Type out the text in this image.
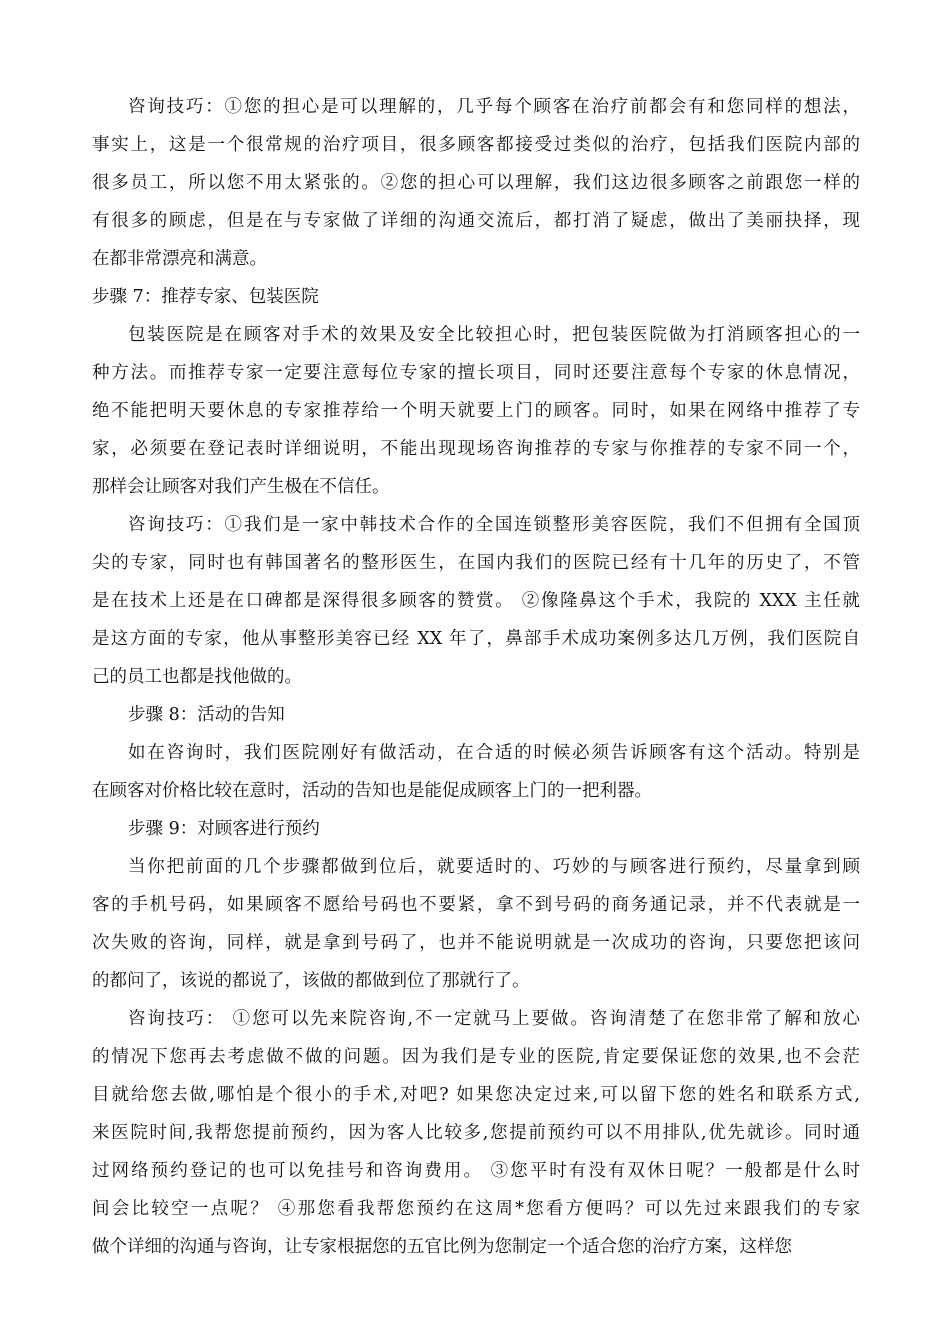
咨询技巧：①您的担心是可以理解的，几乎每个顾客在治疗前都会有和您同样的想法，
事实上，这是一个很常规的治疗项目，很多顾客都接受过类似的治疗，包括我们医院内部的
很多员工，所以您不用太紧张的。②您的担心可以理解，我们这边很多顾客之前跟您一样的
有很多的顾虑，但是在与专家做了详细的沟通交流后，都打消了疑虑，做出了美丽抉择，现
在都非常漂亮和满意。
步骤 7：推荐专家、包装医院
包装医院是在顾客对手术的效果及安全比较担心时，把包装医院做为打消顾客担心的一
种方法。而推荐专家一定要注意每位专家的擅长项目，同时还要注意每个专家的休息情况，
绝不能把明天要休息的专家推荐给一个明天就要上门的顾客。同时，如果在网络中推荐了专
家，必须要在登记表时详细说明，不能出现现场咨询推荐的专家与你推荐的专家不同一个，
那样会让顾客对我们产生极在不信任。
咨询技巧：①我们是一家中韩技术合作的全国连锁整形美容医院，我们不但拥有全国顶
尖的专家，同时也有韩国著名的整形医生，在国内我们的医院已经有十几年的历史了，不管
是在技术上还是在口碑都是深得很多顾客的赞赏。 ②像隆鼻这个手术，我院的 XXX 主任就
是这方面的专家，他从事整形美容已经 XX 年了，鼻部手术成功案例多达几万例，我们医院自
己的员工也都是找他做的。
步骤 8：活动的告知
如在咨询时，我们医院刚好有做活动，在合适的时候必须告诉顾客有这个活动。特别是
在顾客对价格比较在意时，活动的告知也是能促成顾客上门的一把利器。
步骤 9：对顾客进行预约
当你把前面的几个步骤都做到位后，就要适时的、巧妙的与顾客进行预约，尽量拿到顾
客的手机号码，如果顾客不愿给号码也不要紧，拿不到号码的商务通记录，并不代表就是一
次失败的咨询，同样，就是拿到号码了，也并不能说明就是一次成功的咨询，只要您把该问
的都问了，该说的都说了，该做的都做到位了那就行了。
咨询技巧： ①您可以先来院咨询,不一定就马上要做。咨询清楚了在您非常了解和放心
的情况下您再去考虑做不做的问题。因为我们是专业的医院,肯定要保证您的效果,也不会茫
目就给您去做,哪怕是个很小的手术,对吧? 如果您决定过来,可以留下您的姓名和联系方式,
来医院时间,我帮您提前预约，因为客人比较多,您提前预约可以不用排队,优先就诊。同时通
过网络预约登记的也可以免挂号和咨询费用。 ③您平时有没有双休日呢？一般都是什么时
间会比较空一点呢？ ④那您看我帮您预约在这周*您看方便吗？可以先过来跟我们的专家
做个详细的沟通与咨询，让专家根据您的五官比例为您制定一个适合您的治疗方案，这样您
